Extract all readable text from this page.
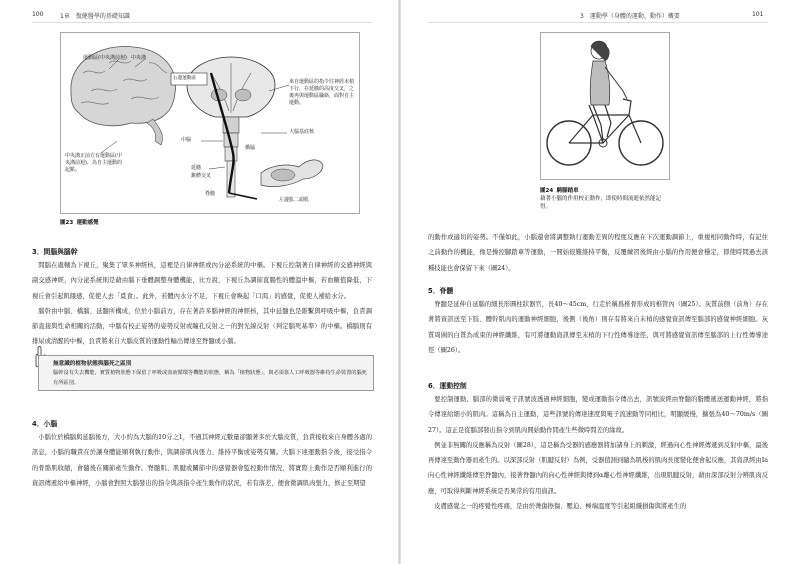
100	1章　復健醫學的基礎知識
運動區(中央溝前迴) 中央溝
右邊運動區
來自運動區的指令往神經末梢下行，在延髓的高度交叉，之後再與運動區職絡，面對自主運動。
中央溝正前方有運動區(中央溝前迴)，為自主運動的起點。
大腦基底核
中腦
橋腦
延髓
錐體交叉
脊髓
左邊肱二頭肌
圖23 運動感覺
3．間腦與腦幹

間腦在處輔為下視丘，聚集了眾多神經核，這裡是自律神經或內分泌系統的中樞。下視丘控制著自律神經的交感神經與副交感神經，內分泌系統則是藉由腦下垂體調整身體機能，比方說，下視丘為調節直腸性的體溫中樞，若血糖值降低，下視丘會引起飢餓感，促使人去「覓食」。此外，若體內水分不足，下視丘會喚起「口渴」的感覺，促使人補給水分。

腦幹由中腦、橋腦、延髓所構成，位於小腦前方，存在著許多腦神經的神經核，其中延髓也是維繫與呼吸中樞，負責調節直接與性命相關的活動，中腦有校正姿勢的姿勢反射或瞳孔反射之一的對光線反射（判定腦死基準）的中樞。橋腦則有排尿或清醒的中樞，負責將來自大腦皮質的運動性輸出傳達至脊髓或小腦。

無意識的植物狀態與腦死之區別
腦幹沒有失去機能，實質植物狀態下保留了呼吸或血液循環等機能的狀態，稱為「植物狀態」，與必須靠人工呼吸器等維持生命裝置的腦死有所區別。
4．小腦

小腦位於橋腦與延腦後方，大小約為大腦的10分之1，不過其神經元數量卻顯著多於大腦皮質，負責接收來自身體各處的訊息，小腦的職責在於讓身體能順利執行動作，與調節肌肉張力、維持平衡或姿勢有關。大腦下達運動指令後，接受指令的骨骼肌收縮，會隨後在關節產生動作。脊髓肌、肌腱或關節中的感覺器會監控動作情況，將實際上動作是否順利進行的資訊傳遞給中樞神經，小腦會對照大腦發出的指令與該指令產生動作的狀況，若有落差，便會微調肌肉張力，修正至期望

3　運動學（身體的運動、動作）概要	101
圖24 騎腳踏車
藉著小腦的作用校正動作，即使時間流逝依然能記得。

的動作或適切的姿勢。不僅如此，小腦還會將調整執行運動差異的程度反應在下次運動調節上，重複相同動作時，有記住之前動作的機能，像是操控腳踏車等運動，一開始很難維持平衡，反覆練習後經由小腦的作用便會穩定，即使時間過去該種技能也會保留下來（圖24）。

5．脊髓

脊髓是延伸自延腦的細長形圓柱狀器官，長40～45cm，行走於稱爲椎骨形成的椎管內（圖25）。灰質前側（前角）存在著將資訊送至下肢、體幹肌肉的運動神經細胞，後側（後角）則存有將來自末梢的感覺資訊傳至腦部的感覺神經細胞。灰質周圍的白質為成束的神經纖維，有可將運動資訊傳至末梢的下行性傳導途徑，與可將感覺資訊傳至腦部的上行性傳導途徑（圖26）。

6．運動控制

要控制運動，腦部的微弱電子訊號波透過神經細胞，變成運動指令傳出去，訊號波經由脊髓的脂體遞送運動神經，將指令傳達給細小的肌肉。這稱為自主運動，這些訊號的傳達速度與電子流速動等同相比，明顯緩慢，擴張為40～70m/s（圖27）。這正是從腦部發出指令到肌肉開始動作間產生些微時間差的緣故。

例並非無關的反應稱為反射（圖28），這是稱為受器的感應器將加諸身上的刺激，經過向心性神經傳遞到反射中樞，最後再傳達至動作器而產生的。以深部反射（肌腱反射）為例，受器值測到隨為肌梭的肌肉長度變化便會起反應，其資訊經由Ia向心性神經纖維傳至脊髓內，接著脊髓內的向心性神經與傳到α離心性神經纖維，出現肌腱反射，藉由深部反射分辨肌肉反應，可取得判斷神經系統是否異常的有用資訊。

皮膚感覺之一的疼覺性疼痛，是由於燙傷擦傷、壓迫、極端溫度等引起組織損傷與將產生的
